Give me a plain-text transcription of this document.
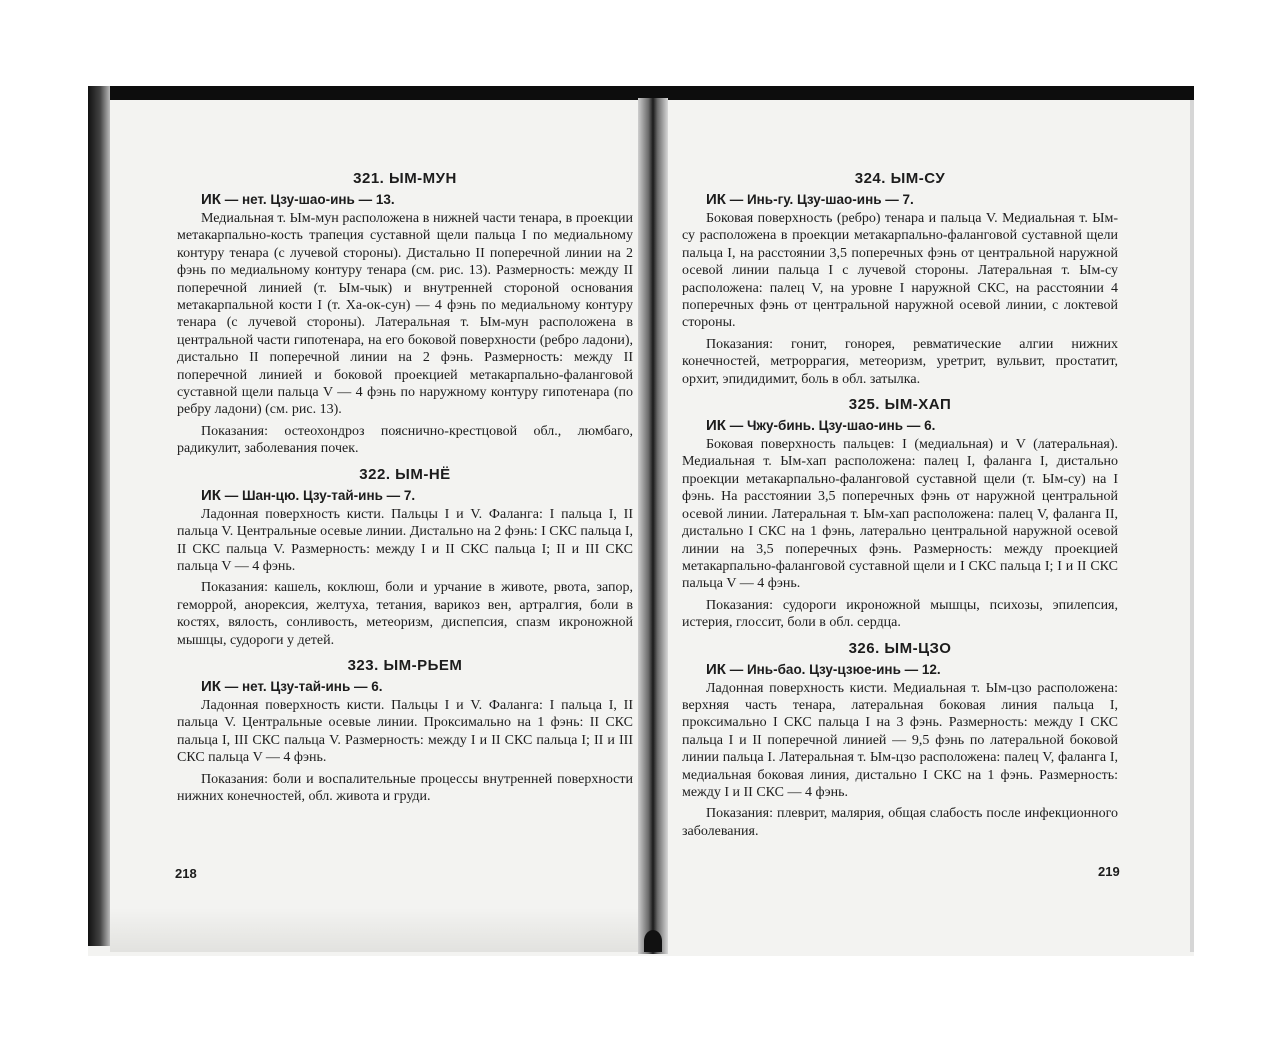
321. ЫМ-МУН
ИК — нет. Цзу-шао-инь — 13.

Медиальная т. Ым-мун расположена в нижней части тенара, в проекции метакарпально-кость трапеция суставной щели пальца I по медиальному контуру тенара (с лучевой стороны). Дистально II поперечной линии на 2 фэнь по медиальному контуру тенара (см. рис. 13). Размерность: между II поперечной линией (т. Ым-чык) и внутренней стороной основания метакарпальной кости I (т. Ха-ок-сун) — 4 фэнь по медиальному контуру тенара (с лучевой стороны). Латеральная т. Ым-мун расположена в центральной части гипотенара, на его боковой поверхности (ребро ладони), дистально II поперечной линии на 2 фэнь. Размерность: между II поперечной линией и боковой проекцией метакарпально-фаланговой суставной щели пальца V — 4 фэнь по наружному контуру гипотенара (по ребру ладони) (см. рис. 13).

Показания: остеохондроз пояснично-крестцовой обл., люмбаго, радикулит, заболевания почек.

322. ЫМ-НЁ
ИК — Шан-цю. Цзу-тай-инь — 7.

Ладонная поверхность кисти. Пальцы I и V. Фаланга: I пальца I, II пальца V. Центральные осевые линии. Дистально на 2 фэнь: I СКС пальца I, II СКС пальца V. Размерность: между I и II СКС пальца I; II и III СКС пальца V — 4 фэнь.

Показания: кашель, коклюш, боли и урчание в животе, рвота, запор, геморрой, анорексия, желтуха, тетания, варикоз вен, артралгия, боли в костях, вялость, сонливость, метеоризм, диспепсия, спазм икроножной мышцы, судороги у детей.

323. ЫМ-РЬЕМ
ИК — нет. Цзу-тай-инь — 6.

Ладонная поверхность кисти. Пальцы I и V. Фаланга: I пальца I, II пальца V. Центральные осевые линии. Проксимально на 1 фэнь: II СКС пальца I, III СКС пальца V. Размерность: между I и II СКС пальца I; II и III СКС пальца V — 4 фэнь.

Показания: боли и воспалительные процессы внутренней поверхности нижних конечностей, обл. живота и груди.

218
324. ЫМ-СУ
ИК — Инь-гу. Цзу-шао-инь — 7.

Боковая поверхность (ребро) тенара и пальца V. Медиальная т. Ым-су расположена в проекции метакарпально-фаланговой суставной щели пальца I, на расстоянии 3,5 поперечных фэнь от центральной наружной осевой линии пальца I с лучевой стороны. Латеральная т. Ым-су расположена: палец V, на уровне I наружной СКС, на расстоянии 4 поперечных фэнь от центральной наружной осевой линии, с локтевой стороны.

Показания: гонит, гонорея, ревматические алгии нижних конечностей, метроррагия, метеоризм, уретрит, вульвит, простатит, орхит, эпидидимит, боль в обл. затылка.

325. ЫМ-ХАП
ИК — Чжу-бинь. Цзу-шао-инь — 6.

Боковая поверхность пальцев: I (медиальная) и V (латеральная). Медиальная т. Ым-хап расположена: палец I, фаланга I, дистально проекции метакарпально-фаланговой суставной щели (т. Ым-су) на I фэнь. На расстоянии 3,5 поперечных фэнь от наружной центральной осевой линии. Латеральная т. Ым-хап расположена: палец V, фаланга II, дистально I СКС на 1 фэнь, латерально центральной наружной осевой линии на 3,5 поперечных фэнь. Размерность: между проекцией метакарпально-фаланговой суставной щели и I СКС пальца I; I и II СКС пальца V — 4 фэнь.

Показания: судороги икроножной мышцы, психозы, эпилепсия, истерия, глоссит, боли в обл. сердца.

326. ЫМ-ЦЗО
ИК — Инь-бао. Цзу-цзюе-инь — 12.

Ладонная поверхность кисти. Медиальная т. Ым-цзо расположена: верхняя часть тенара, латеральная боковая линия пальца I, проксимально I СКС пальца I на 3 фэнь. Размерность: между I СКС пальца I и II поперечной линией — 9,5 фэнь по латеральной боковой линии пальца I. Латеральная т. Ым-цзо расположена: палец V, фаланга I, медиальная боковая линия, дистально I СКС на 1 фэнь. Размерность: между I и II СКС — 4 фэнь.

Показания: плеврит, малярия, общая слабость после инфекционного заболевания.

219
